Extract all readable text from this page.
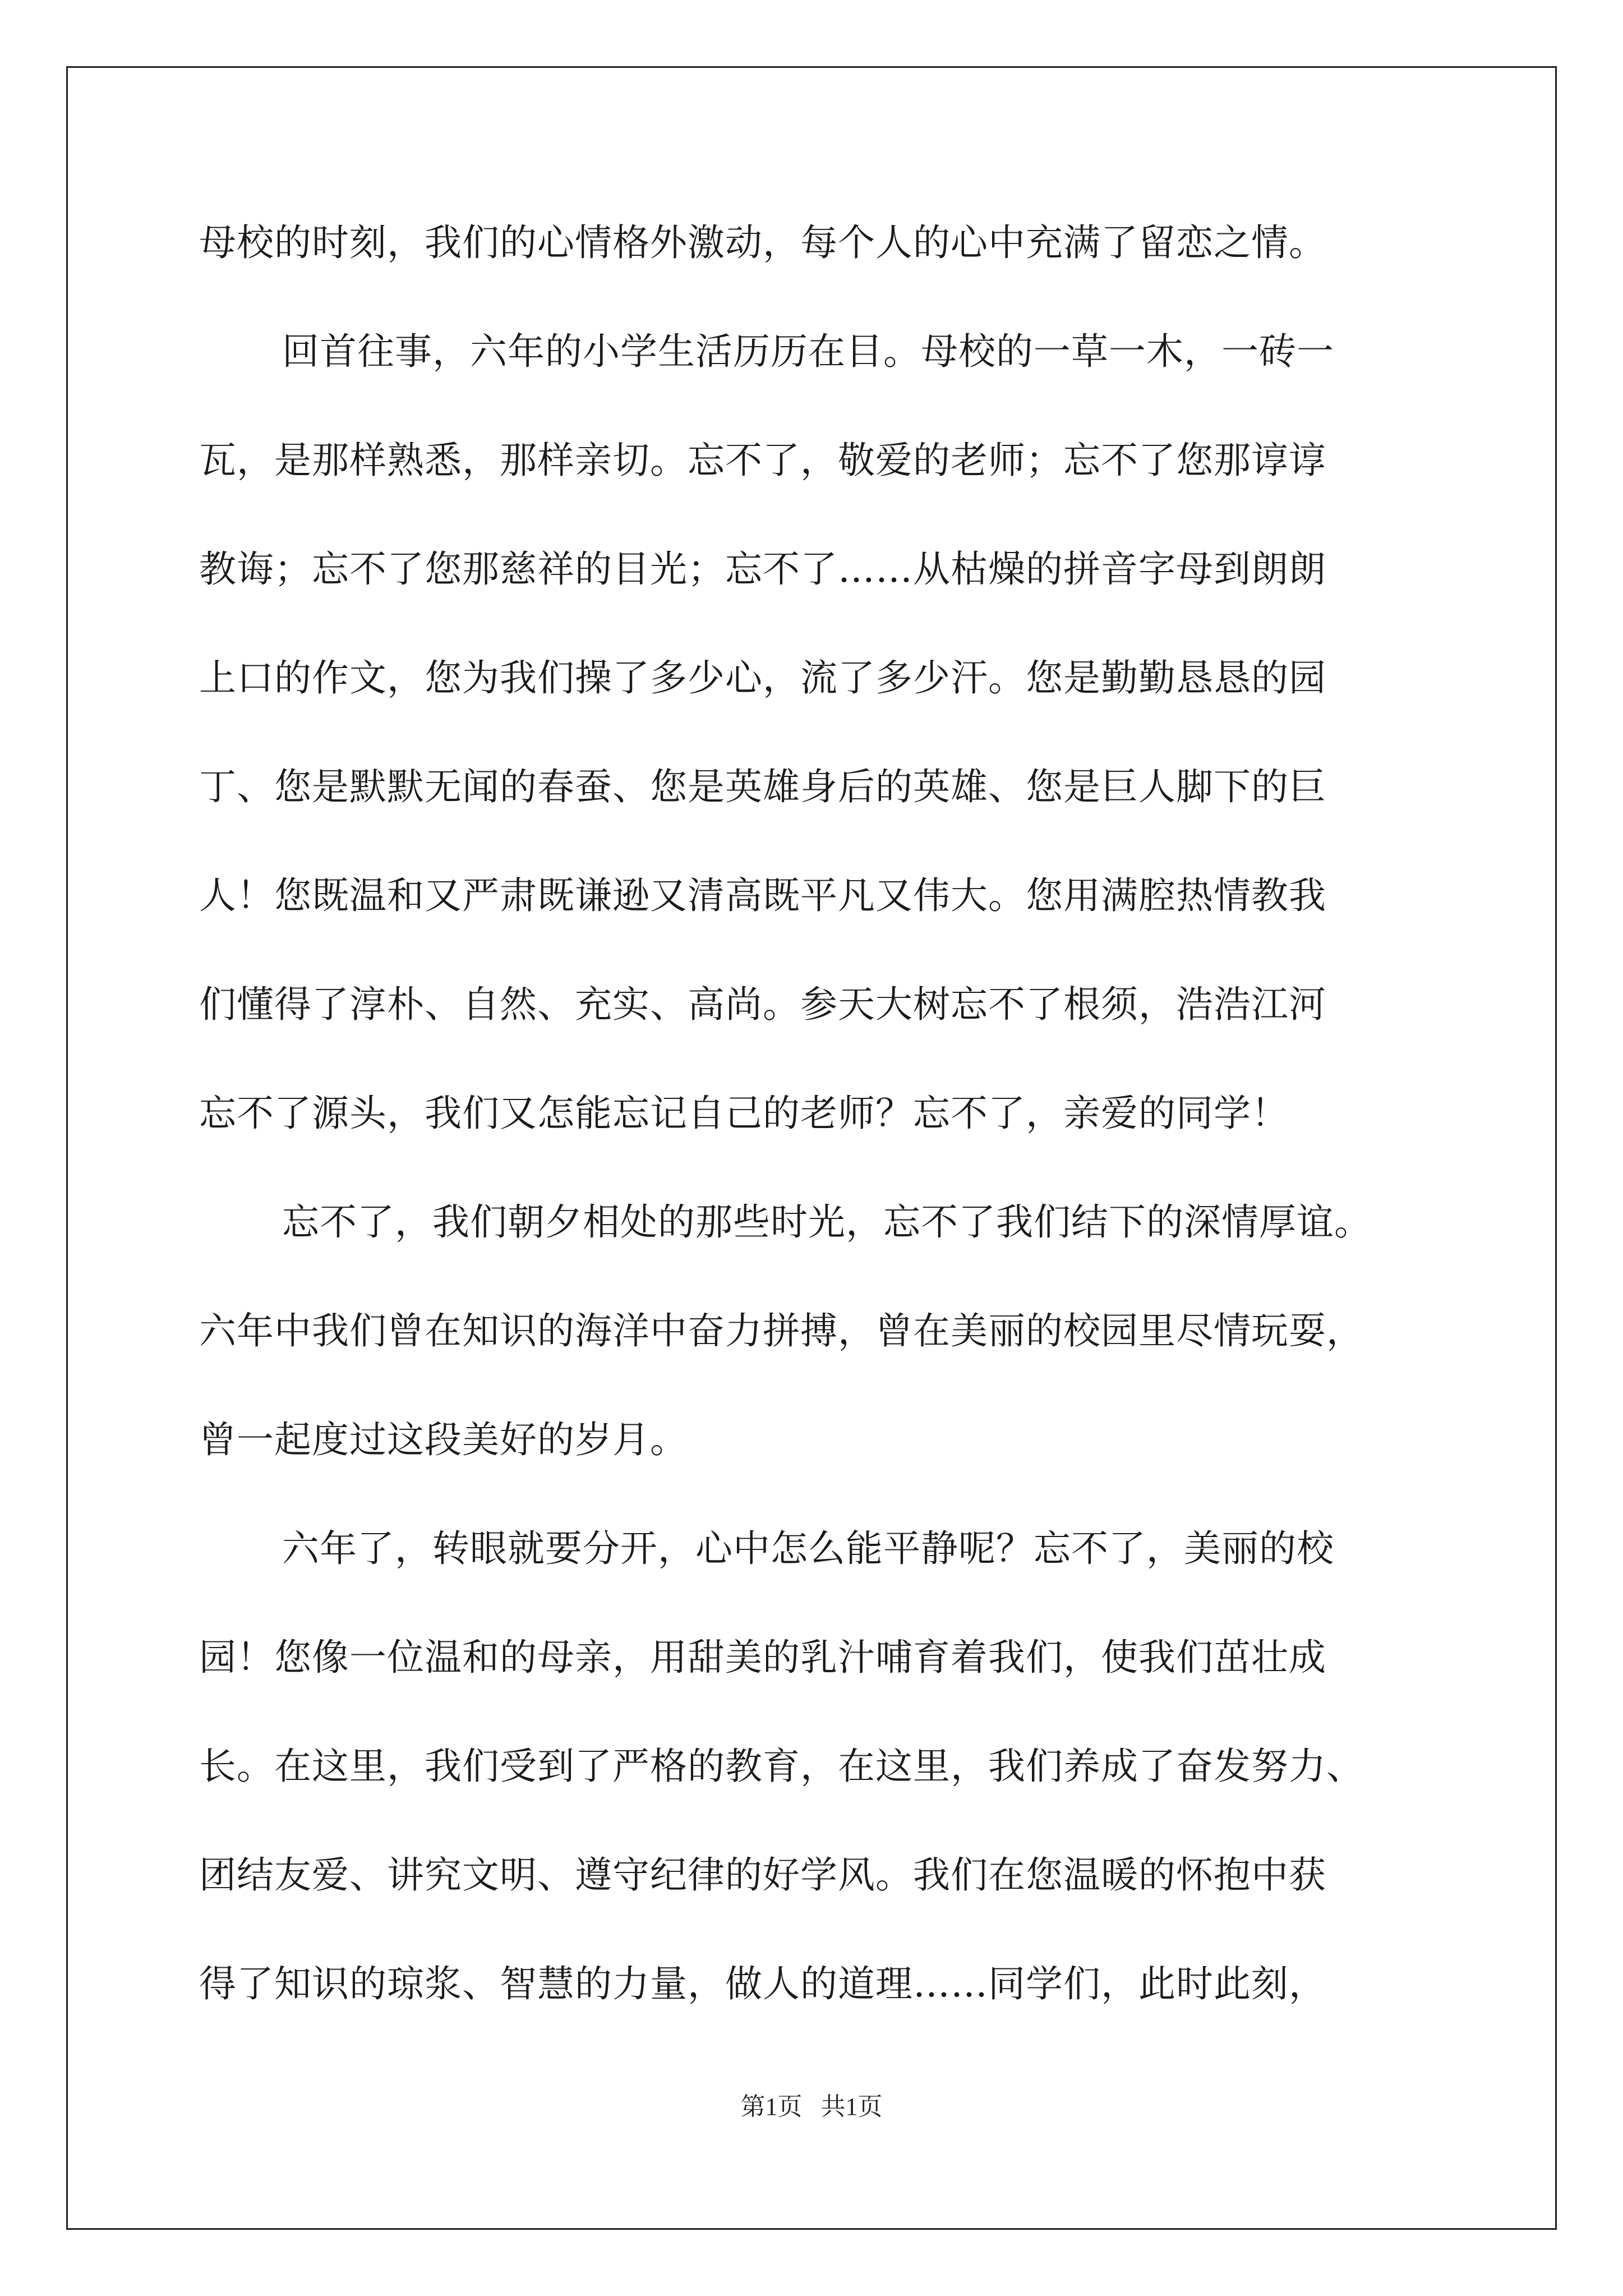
母校的时刻，我们的心情格外激动，每个人的心中充满了留恋之情。
回首往事，六年的小学生活历历在目。母校的一草一木，一砖一
瓦，是那样熟悉，那样亲切。忘不了，敬爱的老师；忘不了您那谆谆
教诲；忘不了您那慈祥的目光；忘不了……从枯燥的拼音字母到朗朗
上口的作文，您为我们操了多少心，流了多少汗。您是勤勤恳恳的园
丁、您是默默无闻的春蚕、您是英雄身后的英雄、您是巨人脚下的巨
人！您既温和又严肃既谦逊又清高既平凡又伟大。您用满腔热情教我
们懂得了淳朴、自然、充实、高尚。参天大树忘不了根须，浩浩江河
忘不了源头，我们又怎能忘记自己的老师？忘不了，亲爱的同学！
忘不了，我们朝夕相处的那些时光，忘不了我们结下的深情厚谊。
六年中我们曾在知识的海洋中奋力拼搏，曾在美丽的校园里尽情玩耍，
曾一起度过这段美好的岁月。
六年了，转眼就要分开，心中怎么能平静呢？忘不了，美丽的校
园！您像一位温和的母亲，用甜美的乳汁哺育着我们，使我们茁壮成
长。在这里，我们受到了严格的教育，在这里，我们养成了奋发努力、
团结友爱、讲究文明、遵守纪律的好学风。我们在您温暖的怀抱中获
得了知识的琼浆、智慧的力量，做人的道理……同学们，此时此刻，
第1页 共1页
